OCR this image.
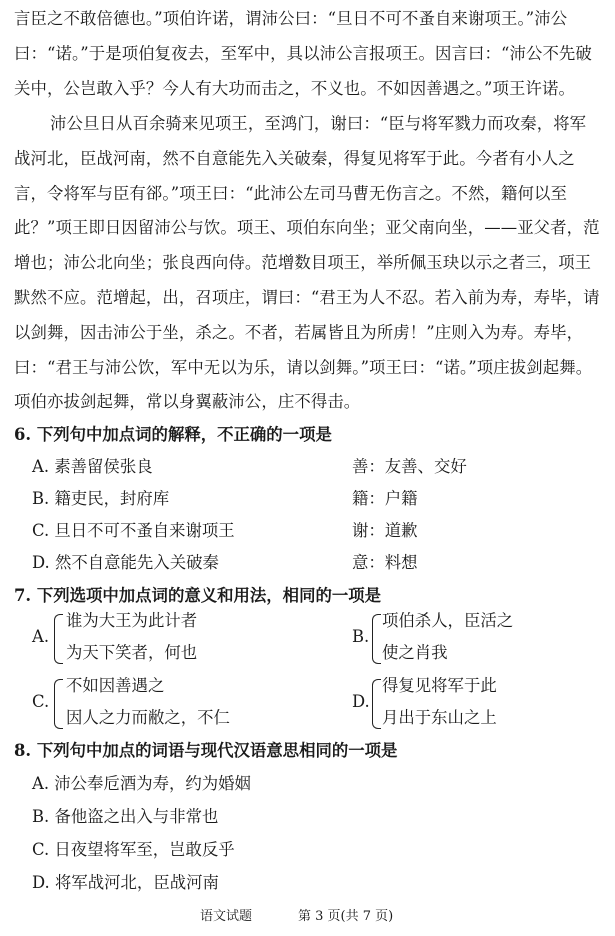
言臣之不敢倍德也。”项伯许诺，谓沛公曰：“旦日不可不蚤自来谢项王。”沛公
曰：“诺。”于是项伯复夜去，至军中，具以沛公言报项王。因言曰：“沛公不先破
关中，公岂敢入乎？今人有大功而击之，不义也。不如因善遇之。”项王许诺。
沛公旦日从百余骑来见项王，至鸿门，谢曰：“臣与将军戮力而攻秦，将军
战河北，臣战河南，然不自意能先入关破秦，得复见将军于此。今者有小人之
言，令将军与臣有郤。”项王曰：“此沛公左司马曹无伤言之。不然，籍何以至
此？”项王即日因留沛公与饮。项王、项伯东向坐；亚父南向坐，——亚父者，范
增也；沛公北向坐；张良西向侍。范增数目项王，举所佩玉玦以示之者三，项王
默然不应。范增起，出，召项庄，谓曰：“君王为人不忍。若入前为寿，寿毕，请
以剑舞，因击沛公于坐，杀之。不者，若属皆且为所虏！”庄则入为寿。寿毕，
曰：“君王与沛公饮，军中无以为乐，请以剑舞。”项王曰：“诺。”项庄拔剑起舞。
项伯亦拔剑起舞，常以身翼蔽沛公，庄不得击。
6. 下列句中加点词的解释，不正确的一项是
A. 素善留侯张良	善：友善、交好
B. 籍吏民，封府库	籍：户籍
C. 旦日不可不蚤自来谢项王	谢：道歉
D. 然不自意能先入关破秦	意：料想
7. 下列选项中加点词的意义和用法，相同的一项是
A.
谁为大王为此计者
为天下笑者，何也
B.
项伯杀人，臣活之
使之肖我
C.
不如因善遇之
因人之力而敝之，不仁
D.
得复见将军于此
月出于东山之上
8. 下列句中加点的词语与现代汉语意思相同的一项是
A. 沛公奉卮酒为寿，约为婚姻
B. 备他盗之出入与非常也
C. 日夜望将军至，岂敢反乎
D. 将军战河北，臣战河南
语文试题	第 3 页(共 7 页)
